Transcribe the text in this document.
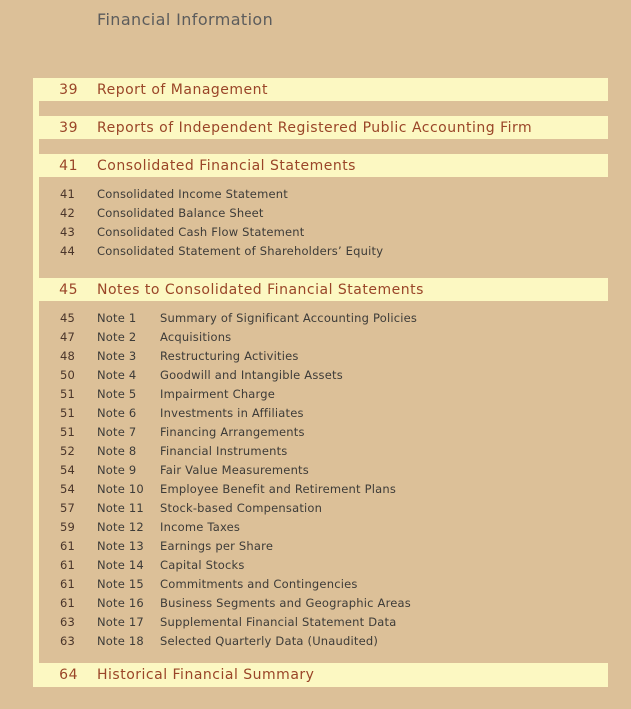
Financial Information
39 Report of Management
39 Reports of Independent Registered Public Accounting Firm
41 Consolidated Financial Statements
41 Consolidated Income Statement
42 Consolidated Balance Sheet
43 Consolidated Cash Flow Statement
44 Consolidated Statement of Shareholders’ Equity
45 Notes to Consolidated Financial Statements
45 Note 1	Summary of Significant Accounting Policies
47 Note 2	Acquisitions
48 Note 3	Restructuring Activities
50 Note 4	Goodwill and Intangible Assets
51 Note 5	Impairment Charge
51 Note 6	Investments in Affiliates
51 Note 7	Financing Arrangements
52 Note 8	Financial Instruments
54 Note 9	Fair Value Measurements
54 Note 10	Employee Benefit and Retirement Plans
57 Note 11	Stock-based Compensation
59 Note 12	Income Taxes
61 Note 13	Earnings per Share
61 Note 14	Capital Stocks
61 Note 15	Commitments and Contingencies
61 Note 16	Business Segments and Geographic Areas
63 Note 17	Supplemental Financial Statement Data
63 Note 18	Selected Quarterly Data (Unaudited)
64 Historical Financial Summary
